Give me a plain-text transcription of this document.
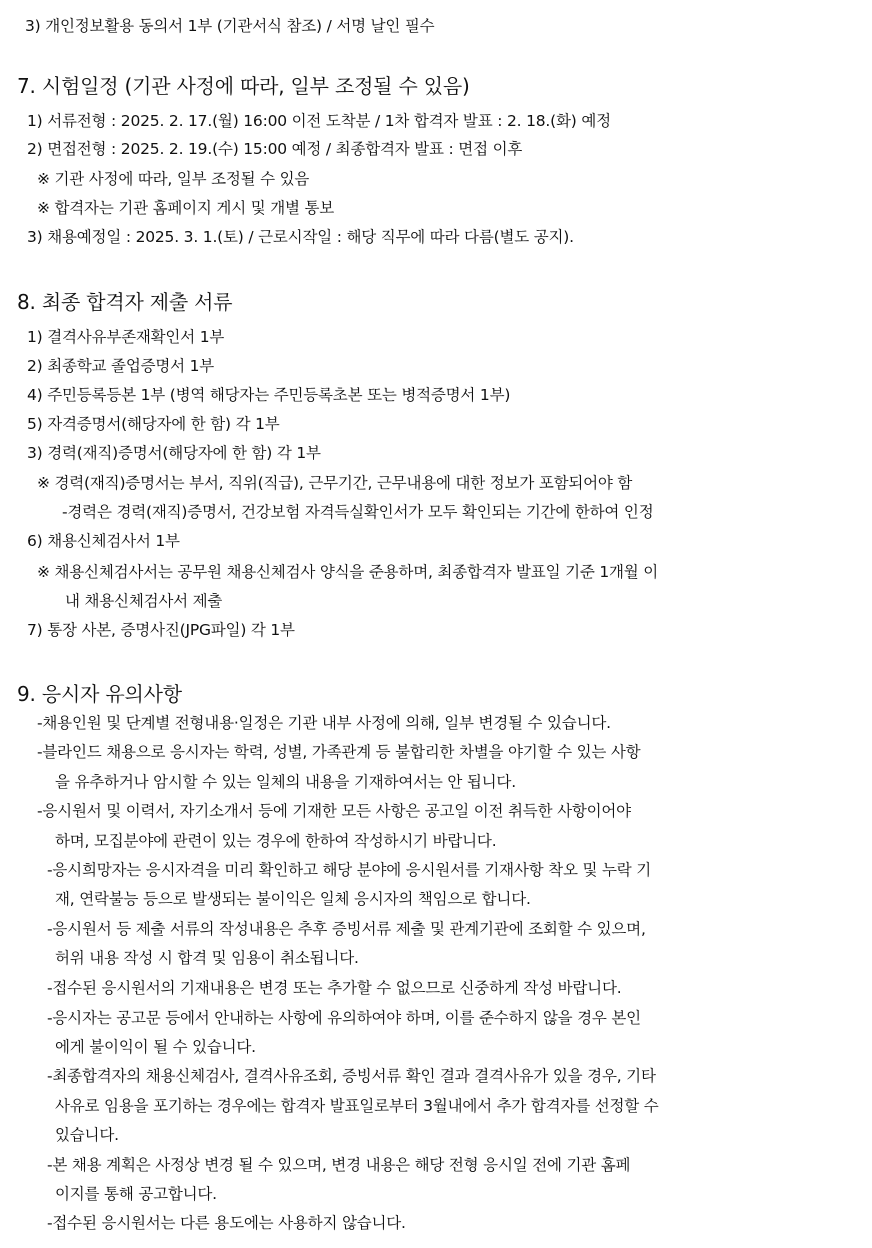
3) 개인정보활용 동의서 1부 (기관서식 참조) / 서명 날인 필수
7. 시험일정 (기관 사정에 따라, 일부 조정될 수 있음)
1) 서류전형 : 2025. 2. 17.(월) 16:00 이전 도착분 / 1차 합격자 발표 : 2. 18.(화) 예정
2) 면접전형 : 2025. 2. 19.(수) 15:00 예정 / 최종합격자 발표 : 면접 이후
※ 기관 사정에 따라, 일부 조정될 수 있음
※ 합격자는 기관 홈페이지 게시 및 개별 통보
3) 채용예정일 : 2025. 3. 1.(토) / 근로시작일 : 해당 직무에 따라 다름(별도 공지).
8. 최종 합격자 제출 서류
1) 결격사유부존재확인서 1부
2) 최종학교 졸업증명서 1부
4) 주민등록등본 1부 (병역 해당자는 주민등록초본 또는 병적증명서 1부)
5) 자격증명서(해당자에 한 함) 각 1부
3) 경력(재직)증명서(해당자에 한 함) 각 1부
※ 경력(재직)증명서는 부서, 직위(직급), 근무기간, 근무내용에 대한 정보가 포함되어야 함
-경력은 경력(재직)증명서, 건강보험 자격득실확인서가 모두 확인되는 기간에 한하여 인정
6) 채용신체검사서 1부
※ 채용신체검사서는 공무원 채용신체검사 양식을 준용하며, 최종합격자 발표일 기준 1개월 이
내 채용신체검사서 제출
7) 통장 사본, 증명사진(JPG파일) 각 1부
9. 응시자 유의사항
-채용인원 및 단계별 전형내용·일정은 기관 내부 사정에 의해, 일부 변경될 수 있습니다.
-블라인드 채용으로 응시자는 학력, 성별, 가족관계 등 불합리한 차별을 야기할 수 있는 사항
을 유추하거나 암시할 수 있는 일체의 내용을 기재하여서는 안 됩니다.
-응시원서 및 이력서, 자기소개서 등에 기재한 모든 사항은 공고일 이전 취득한 사항이어야
하며, 모집분야에 관련이 있는 경우에 한하여 작성하시기 바랍니다.
-응시희망자는 응시자격을 미리 확인하고 해당 분야에 응시원서를 기재사항 착오 및 누락 기
재, 연락불능 등으로 발생되는 불이익은 일체 응시자의 책임으로 합니다.
-응시원서 등 제출 서류의 작성내용은 추후 증빙서류 제출 및 관계기관에 조회할 수 있으며,
허위 내용 작성 시 합격 및 임용이 취소됩니다.
-접수된 응시원서의 기재내용은 변경 또는 추가할 수 없으므로 신중하게 작성 바랍니다.
-응시자는 공고문 등에서 안내하는 사항에 유의하여야 하며, 이를 준수하지 않을 경우 본인
에게 불이익이 될 수 있습니다.
-최종합격자의 채용신체검사, 결격사유조회, 증빙서류 확인 결과 결격사유가 있을 경우, 기타
사유로 임용을 포기하는 경우에는 합격자 발표일로부터 3월내에서 추가 합격자를 선정할 수
있습니다.
-본 채용 계획은 사정상 변경 될 수 있으며, 변경 내용은 해당 전형 응시일 전에 기관 홈페
이지를 통해 공고합니다.
-접수된 응시원서는 다른 용도에는 사용하지 않습니다.
